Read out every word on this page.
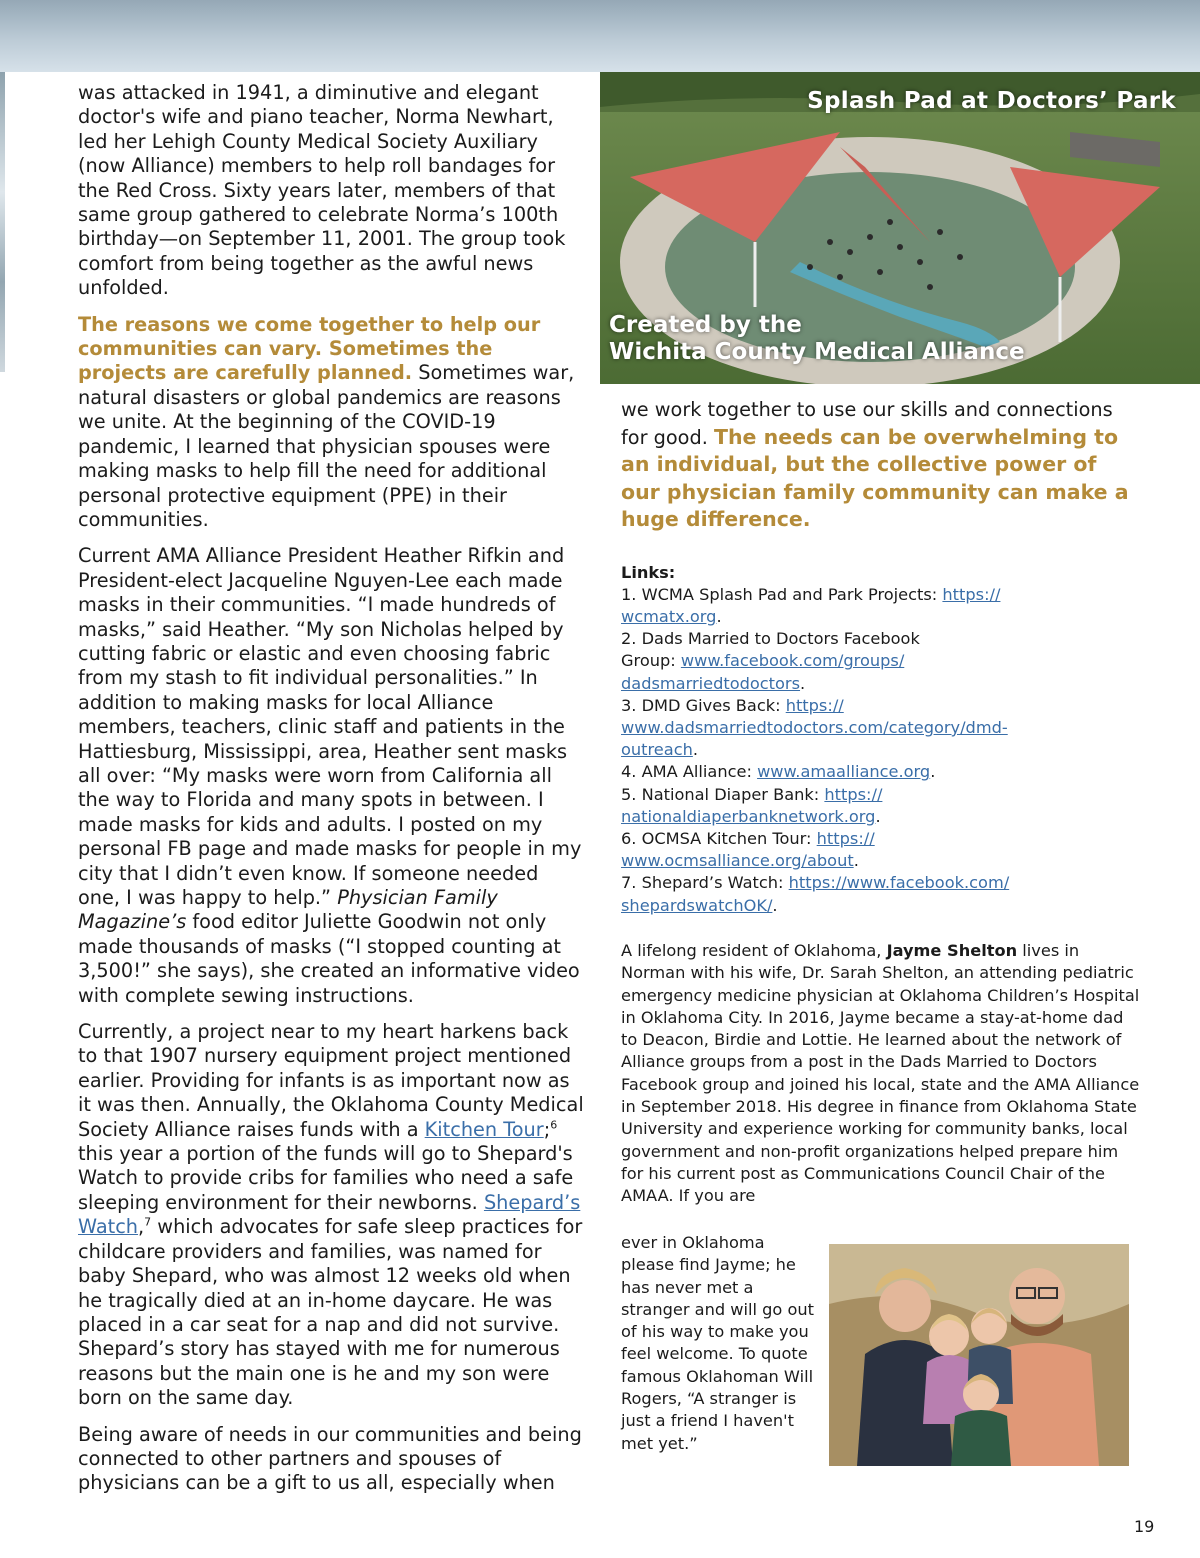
was attacked in 1941, a diminutive and elegant doctor's wife and piano teacher, Norma Newhart, led her Lehigh County Medical Society Auxiliary (now Alliance) members to help roll bandages for the Red Cross. Sixty years later, members of that same group gathered to celebrate Norma’s 100th birthday—on September 11, 2001. The group took comfort from being together as the awful news unfolded.

The reasons we come together to help our communities can vary. Sometimes the projects are carefully planned. Sometimes war, natural disasters or global pandemics are reasons we unite. At the beginning of the COVID-19 pandemic, I learned that physician spouses were making masks to help fill the need for additional personal protective equipment (PPE) in their communities.

Current AMA Alliance President Heather Rifkin and President-elect Jacqueline Nguyen-Lee each made masks in their communities. “I made hundreds of masks,” said Heather. “My son Nicholas helped by cutting fabric or elastic and even choosing fabric from my stash to fit individual personalities.” In addition to making masks for local Alliance members, teachers, clinic staff and patients in the Hattiesburg, Mississippi, area, Heather sent masks all over: “My masks were worn from California all the way to Florida and many spots in between. I made masks for kids and adults. I posted on my personal FB page and made masks for people in my city that I didn’t even know. If someone needed one, I was happy to help.” Physician Family Magazine’s food editor Juliette Goodwin not only made thousands of masks (“I stopped counting at 3,500!” she says), she created an informative video with complete sewing instructions.

Currently, a project near to my heart harkens back to that 1907 nursery equipment project mentioned earlier. Providing for infants is as important now as it was then. Annually, the Oklahoma County Medical Society Alliance raises funds with a Kitchen Tour;$^6$ this year a portion of the funds will go to Shepard's Watch to provide cribs for families who need a safe sleeping environment for their newborns. Shepard’s Watch,$^7$ which advocates for safe sleep practices for childcare providers and families, was named for baby Shepard, who was almost 12 weeks old when he tragically died at an in-home daycare. He was placed in a car seat for a nap and did not survive. Shepard’s story has stayed with me for numerous reasons but the main one is he and my son were born on the same day.

Being aware of needs in our communities and being connected to other partners and spouses of physicians can be a gift to us all, especially when

Splash Pad at Doctors’ Park
Created by the
Wichita County Medical Alliance

we work together to use our skills and connections for good. The needs can be overwhelming to an individual, but the collective power of our physician family community can make a huge difference.

Links:
1. WCMA Splash Pad and Park Projects: https://
wcmatx.org.
2. Dads Married to Doctors Facebook
Group: www.facebook.com/groups/
dadsmarriedtodoctors.
3. DMD Gives Back: https://
www.dadsmarriedtodoctors.com/category/dmd-
outreach.
4. AMA Alliance: www.amaalliance.org.
5. National Diaper Bank: https://
nationaldiaperbanknetwork.org.
6. OCMSA Kitchen Tour: https://
www.ocmsalliance.org/about.
7. Shepard’s Watch: https://www.facebook.com/
shepardswatchOK/.

A lifelong resident of Oklahoma, Jayme Shelton lives in Norman with his wife, Dr. Sarah Shelton, an attending pediatric emergency medicine physician at Oklahoma Children’s Hospital in Oklahoma City. In 2016, Jayme became a stay-at-home dad to Deacon, Birdie and Lottie. He learned about the network of Alliance groups from a post in the Dads Married to Doctors Facebook group and joined his local, state and the AMA Alliance in September 2018. His degree in finance from Oklahoma State University and experience working for community banks, local government and non-profit organizations helped prepare him for his current post as Communications Council Chair of the AMAA. If you are

ever in Oklahoma please find Jayme; he has never met a stranger and will go out of his way to make you feel welcome. To quote famous Oklahoman Will Rogers, “A stranger is just a friend I haven't met yet.”

19
